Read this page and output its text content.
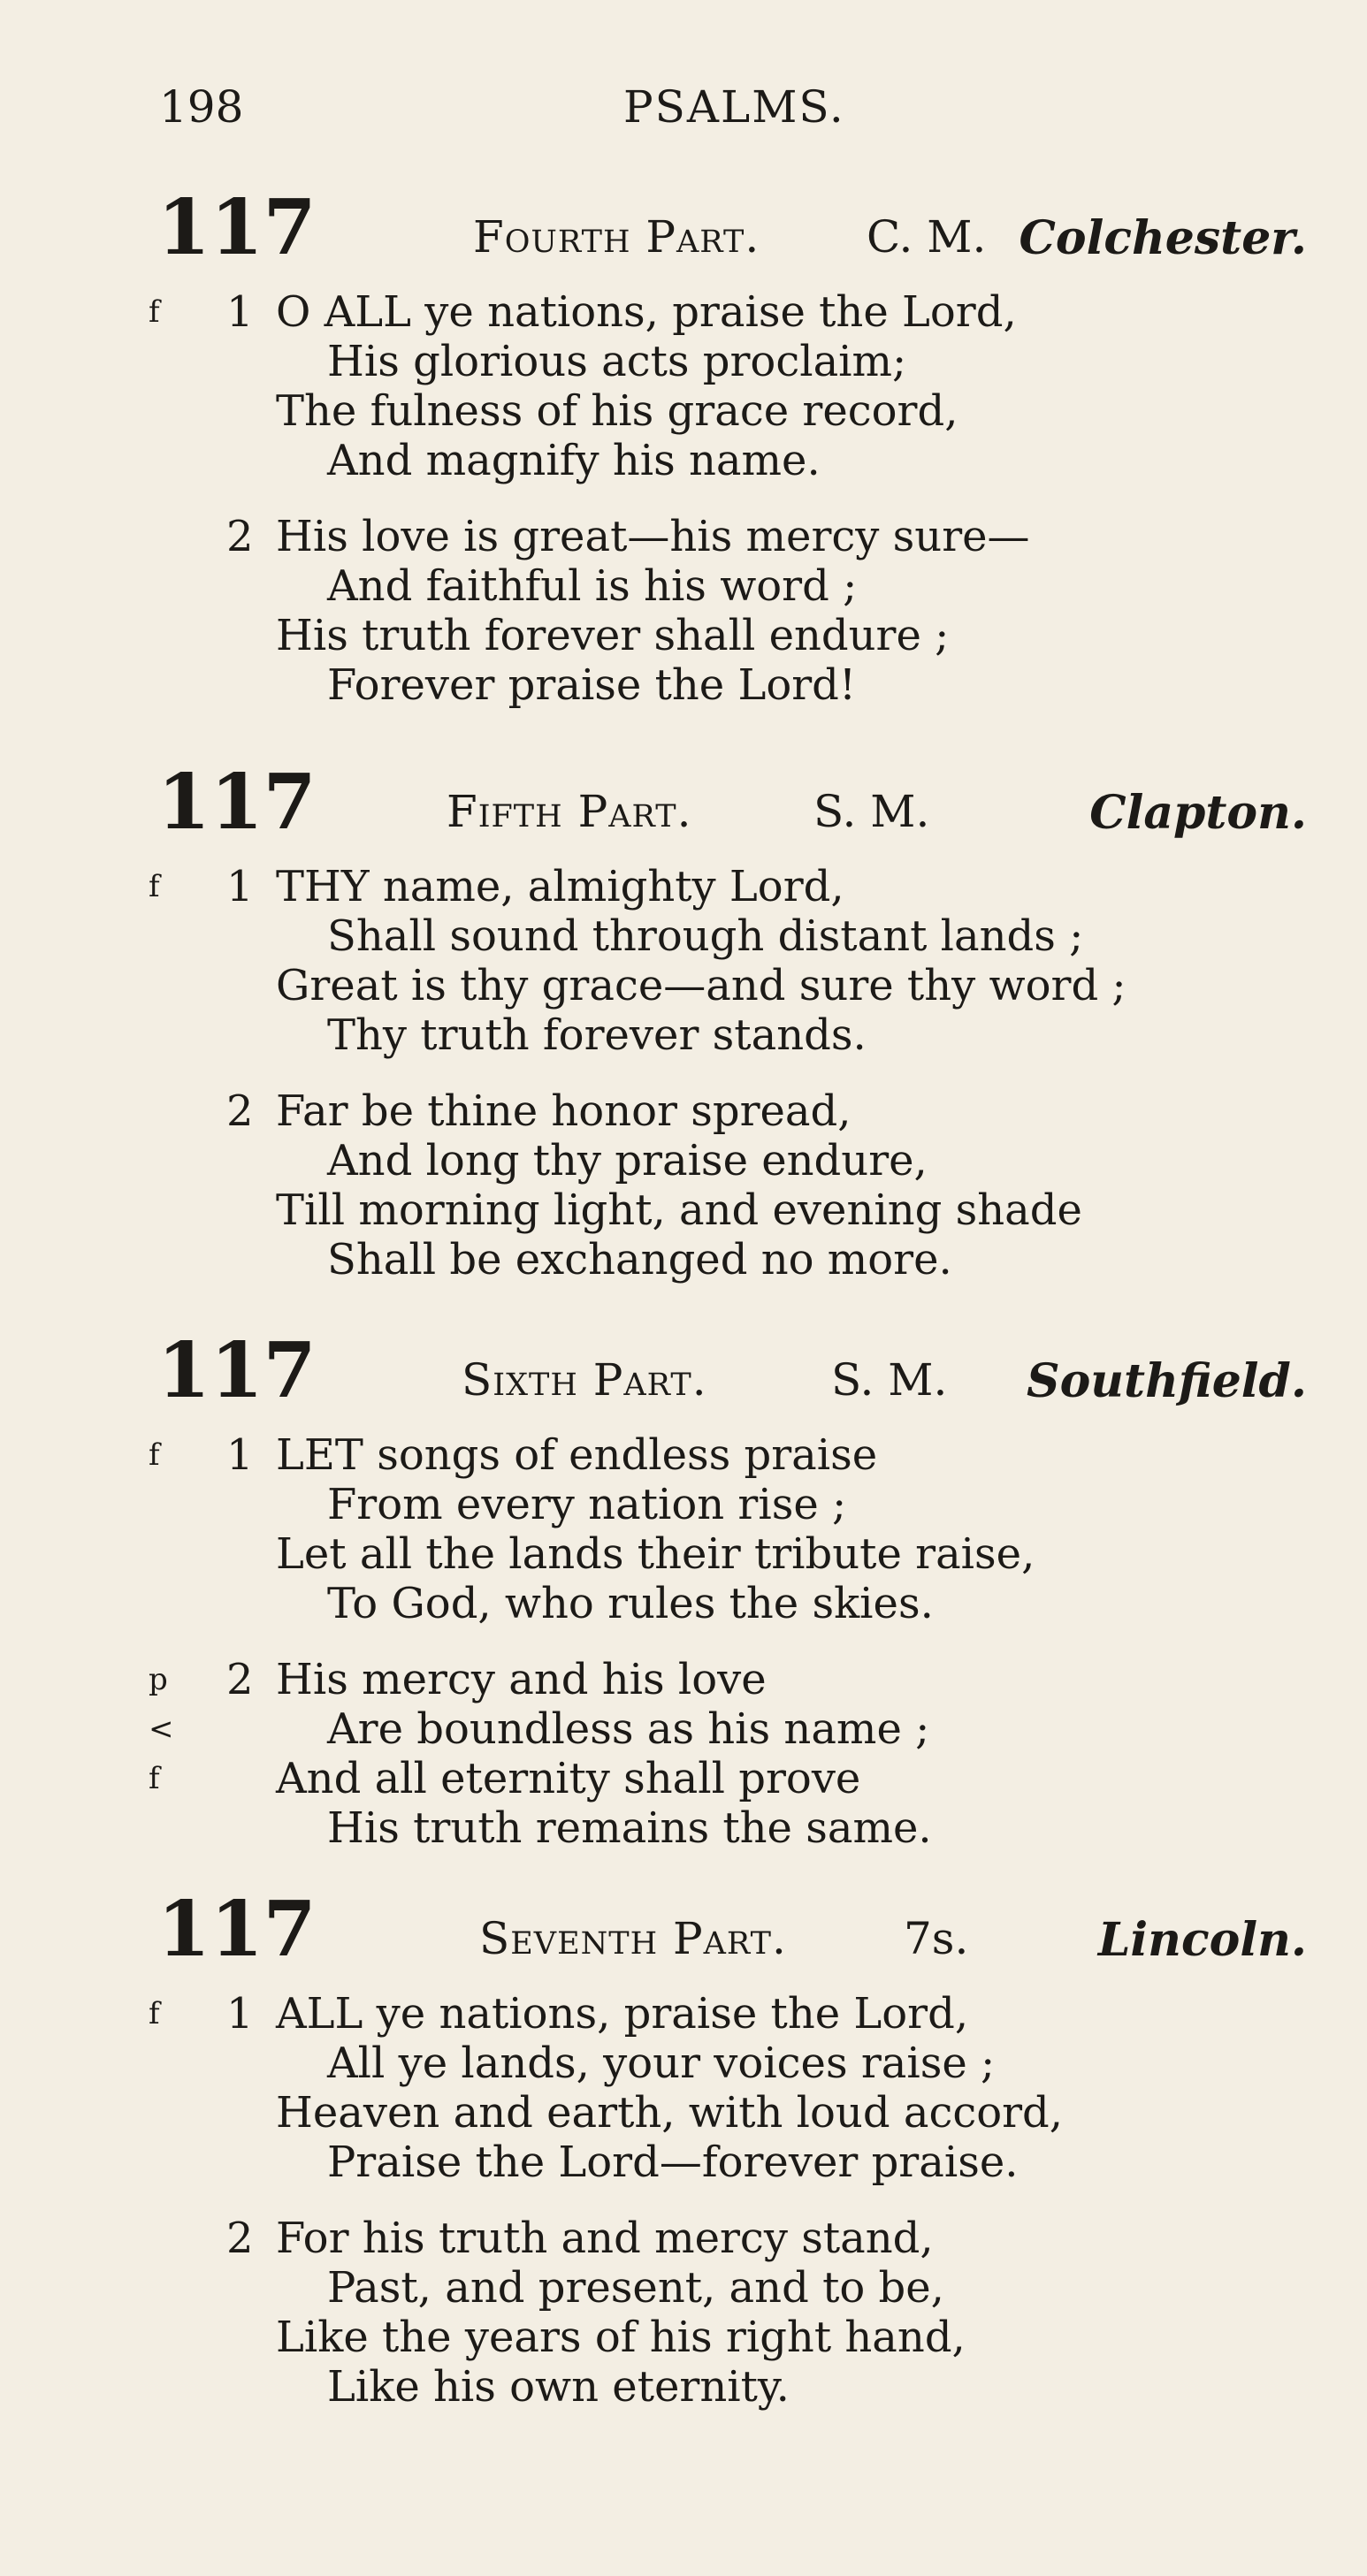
198	PSALMS.
117	Fourth Part. C. M. Colchester.
f 1 O ALL ye nations, praise the Lord,
His glorious acts proclaim;
The fulness of his grace record,
And magnify his name.
2 His love is great—his mercy sure—
And faithful is his word ;
His truth forever shall endure ;
Forever praise the Lord!
117	Fifth Part.	S. M.	Clapton.
f 1 THY name, almighty Lord,
Shall sound through distant lands ;
Great is thy grace—and sure thy word ;
Thy truth forever stands.
2 Far be thine honor spread,
And long thy praise endure,
Till morning light, and evening shade
Shall be exchanged no more.
117	Sixth Part.	S. M. Southfield.
f 1 LET songs of endless praise
From every nation rise ;
Let all the lands their tribute raise,
To God, who rules the skies.
p 2 His mercy and his love
<	Are boundless as his name ;
f	And all eternity shall prove
His truth remains the same.
117	Seventh Part.	7s.	Lincoln.
f 1 ALL ye nations, praise the Lord,
All ye lands, your voices raise ;
Heaven and earth, with loud accord,
Praise the Lord—forever praise.
2 For his truth and mercy stand,
Past, and present, and to be,
Like the years of his right hand,
Like his own eternity.
